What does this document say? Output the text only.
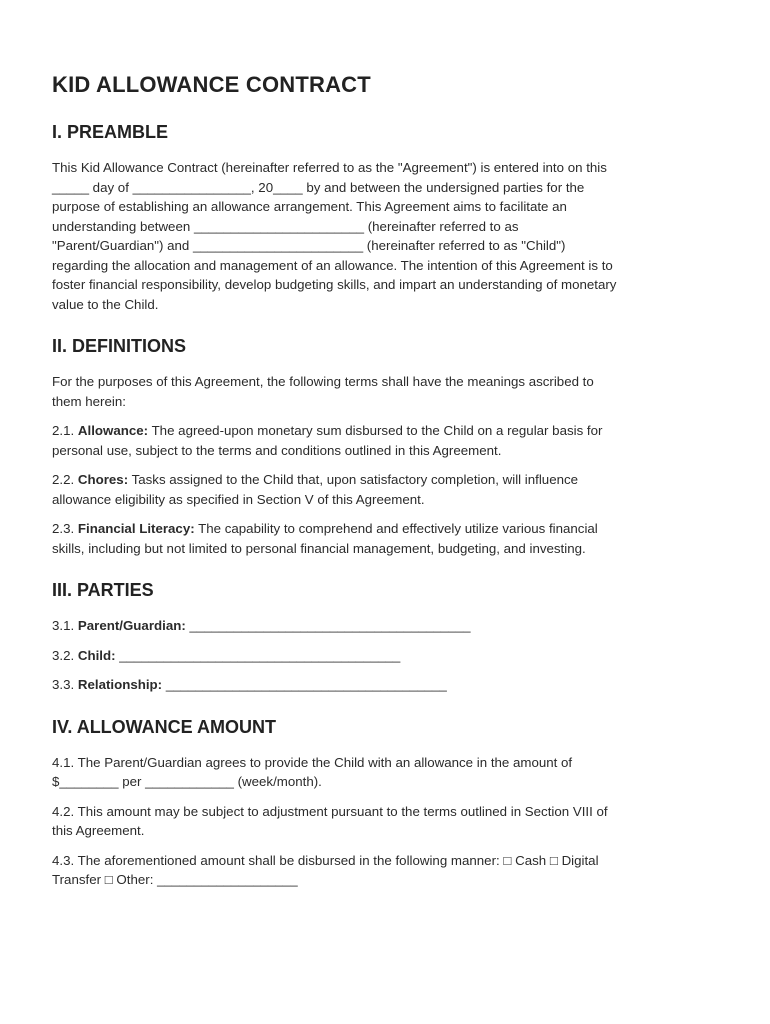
KID ALLOWANCE CONTRACT
I. PREAMBLE

This Kid Allowance Contract (hereinafter referred to as the "Agreement") is entered into on this
_____ day of ________________, 20____ by and between the undersigned parties for the
purpose of establishing an allowance arrangement. This Agreement aims to facilitate an
understanding between _______________________ (hereinafter referred to as
"Parent/Guardian") and _______________________ (hereinafter referred to as "Child")
regarding the allocation and management of an allowance. The intention of this Agreement is to
foster financial responsibility, develop budgeting skills, and impart an understanding of monetary
value to the Child.

II. DEFINITIONS

For the purposes of this Agreement, the following terms shall have the meanings ascribed to
them herein:

2.1. Allowance: The agreed-upon monetary sum disbursed to the Child on a regular basis for
personal use, subject to the terms and conditions outlined in this Agreement.

2.2. Chores: Tasks assigned to the Child that, upon satisfactory completion, will influence
allowance eligibility as specified in Section V of this Agreement.

2.3. Financial Literacy: The capability to comprehend and effectively utilize various financial
skills, including but not limited to personal financial management, budgeting, and investing.

III. PARTIES

3.1. Parent/Guardian: ______________________________________

3.2. Child: ______________________________________

3.3. Relationship: ______________________________________

IV. ALLOWANCE AMOUNT

4.1. The Parent/Guardian agrees to provide the Child with an allowance in the amount of
$________ per ____________ (week/month).

4.2. This amount may be subject to adjustment pursuant to the terms outlined in Section VIII of
this Agreement.

4.3. The aforementioned amount shall be disbursed in the following manner: □ Cash □ Digital
Transfer □ Other: ___________________
